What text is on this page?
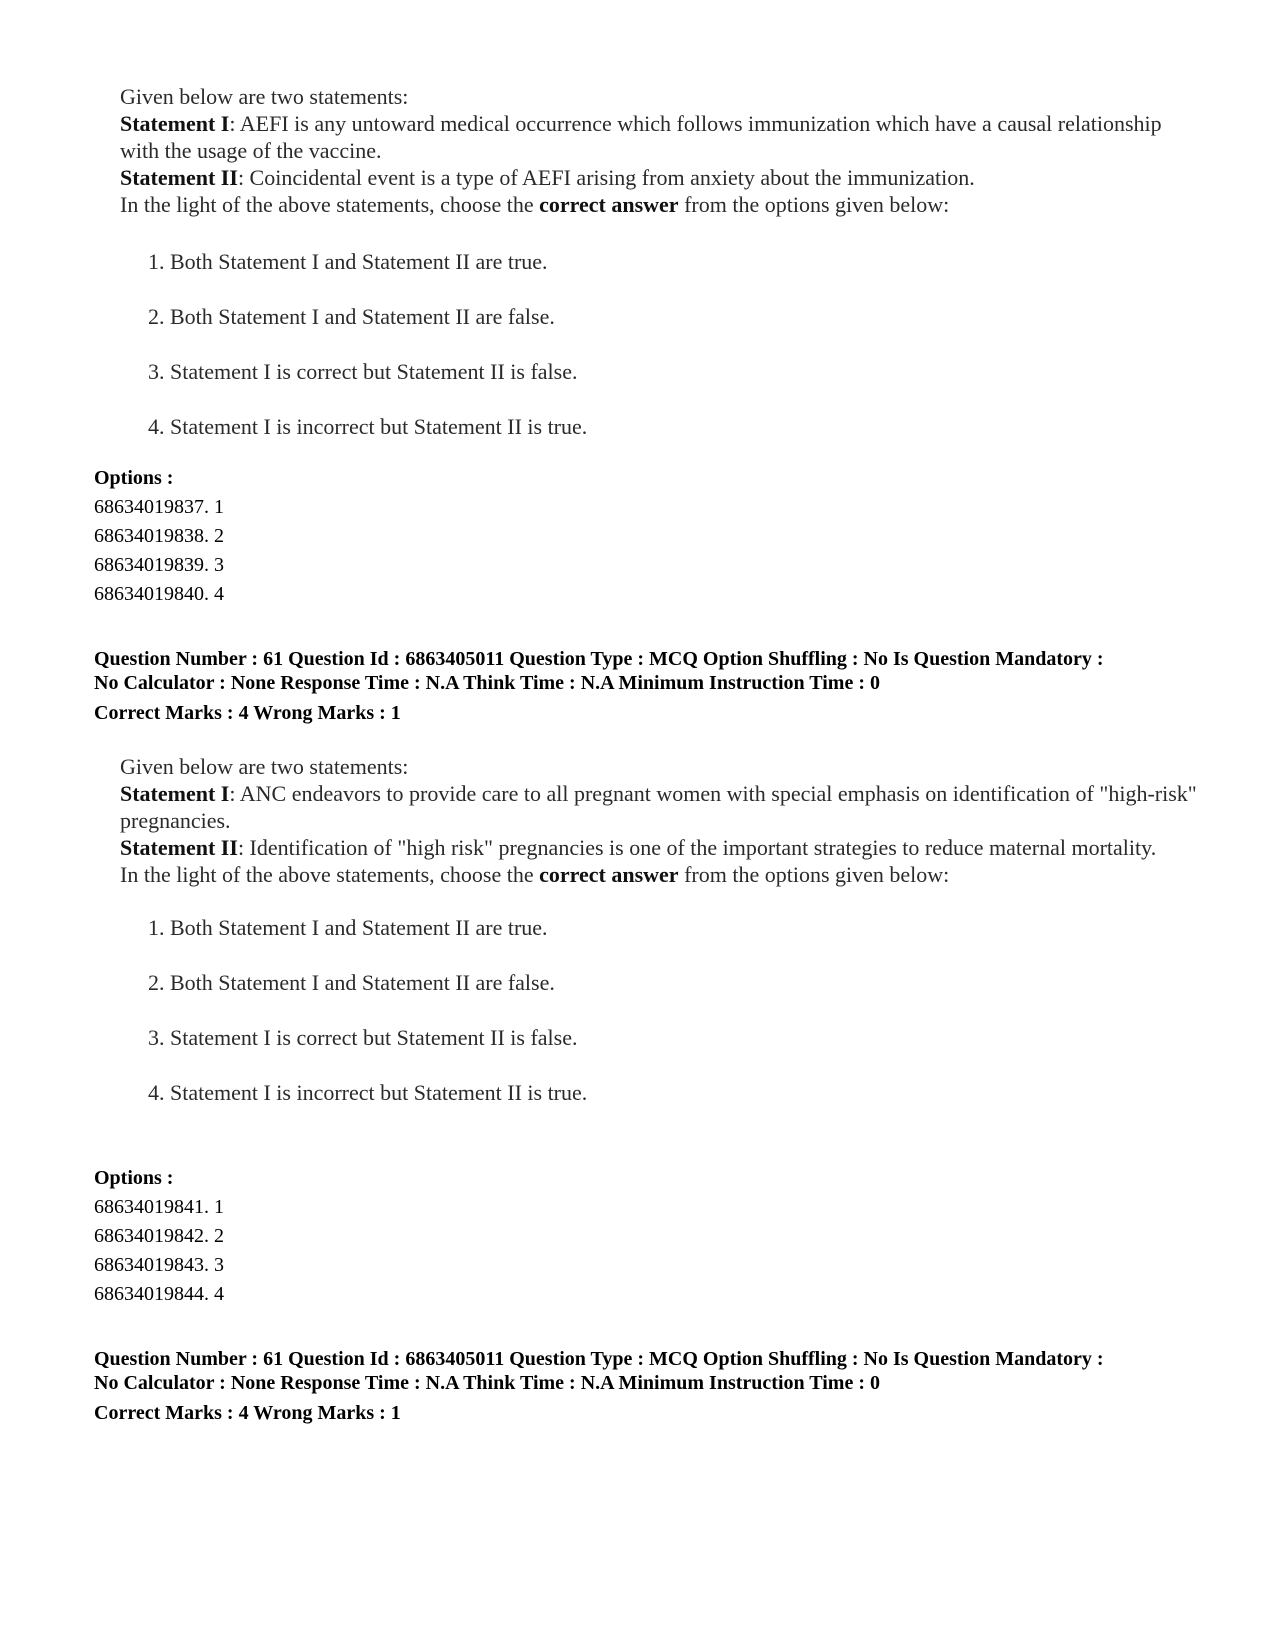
Given below are two statements:

Statement I: AEFI is any untoward medical occurrence which follows immunization which have a causal relationship with the usage of the vaccine.

Statement II: Coincidental event is a type of AEFI arising from anxiety about the immunization.

In the light of the above statements, choose the correct answer from the options given below:

1. Both Statement I and Statement II are true.
2. Both Statement I and Statement II are false.
3. Statement I is correct but Statement II is false.
4. Statement I is incorrect but Statement II is true.
Options :
68634019837. 1
68634019838. 2
68634019839. 3
68634019840. 4
Question Number : 61 Question Id : 6863405011 Question Type : MCQ Option Shuffling : No Is Question Mandatory :
No Calculator : None Response Time : N.A Think Time : N.A Minimum Instruction Time : 0
Correct Marks : 4 Wrong Marks : 1

Given below are two statements:

Statement I: ANC endeavors to provide care to all pregnant women with special emphasis on identification of "high-risk" pregnancies.

Statement II: Identification of "high risk" pregnancies is one of the important strategies to reduce maternal mortality.

In the light of the above statements, choose the correct answer from the options given below:

1. Both Statement I and Statement II are true.
2. Both Statement I and Statement II are false.
3. Statement I is correct but Statement II is false.
4. Statement I is incorrect but Statement II is true.
Options :
68634019841. 1
68634019842. 2
68634019843. 3
68634019844. 4
Question Number : 61 Question Id : 6863405011 Question Type : MCQ Option Shuffling : No Is Question Mandatory :
No Calculator : None Response Time : N.A Think Time : N.A Minimum Instruction Time : 0
Correct Marks : 4 Wrong Marks : 1
